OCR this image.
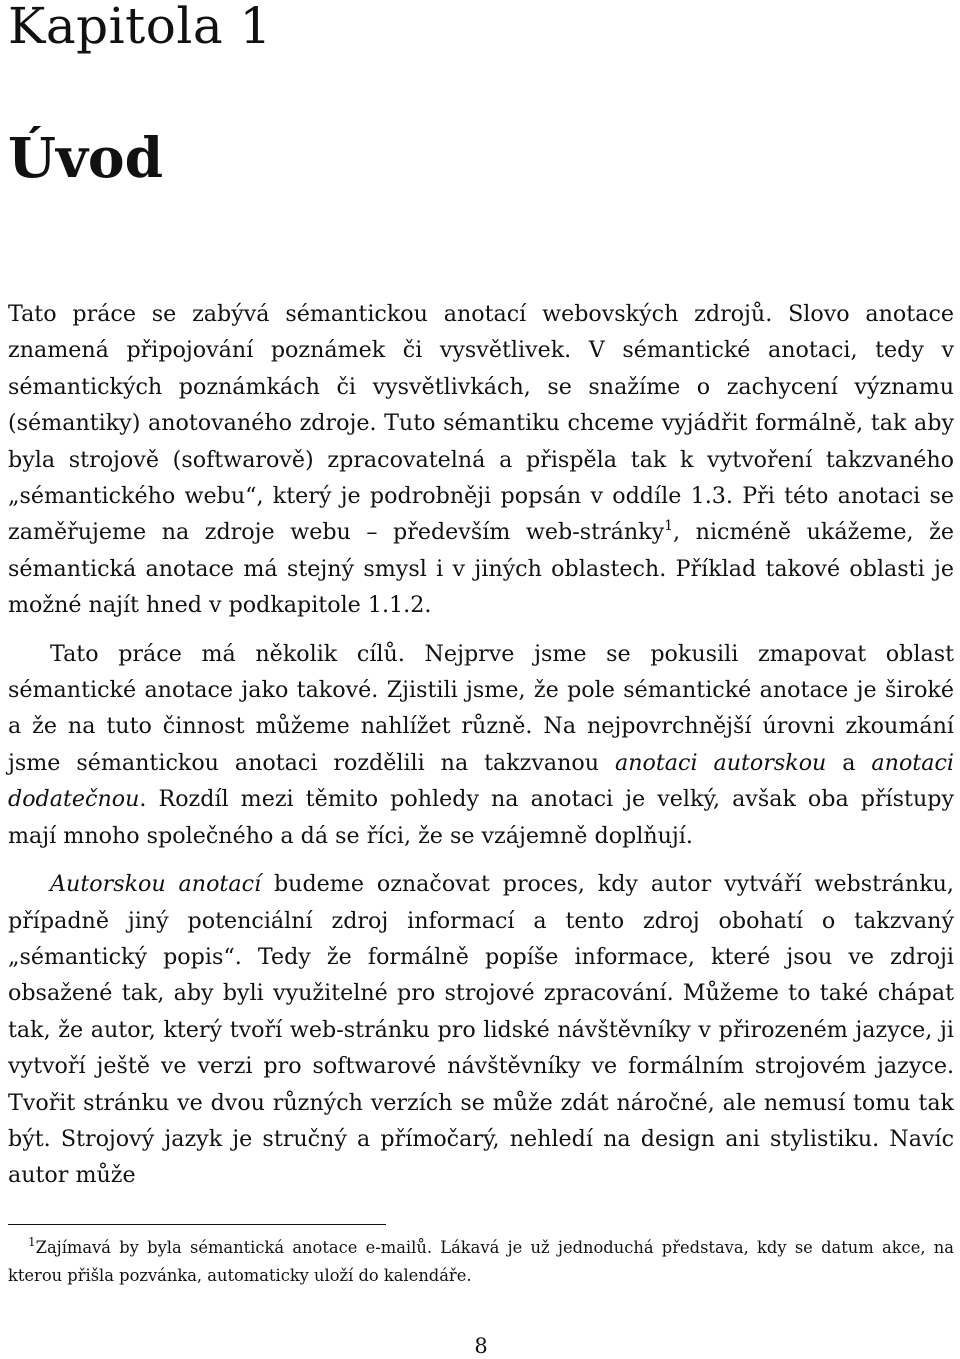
Kapitola 1
Úvod

Tato práce se zabývá sémantickou anotací webovských zdrojů. Slovo anotace znamená připojování poznámek či vysvětlivek. V sémantické anotaci, tedy v sémantických poznámkách či vysvětlivkách, se snažíme o zachycení významu (sémantiky) anotovaného zdroje. Tuto sémantiku chceme vyjádřit formálně, tak aby byla strojově (softwarově) zpracovatelná a přispěla tak k vytvoření takzvaného „sémantického webu“, který je podrobněji popsán v oddíle 1.3. Při této anotaci se zaměřujeme na zdroje webu – především web-stránky$^1$, nicméně ukážeme, že sémantická anotace má stejný smysl i v jiných oblastech. Příklad takové oblasti je možné najít hned v podkapitole 1.1.2.

Tato práce má několik cílů. Nejprve jsme se pokusili zmapovat oblast sémantické anotace jako takové. Zjistili jsme, že pole sémantické anotace je široké a že na tuto činnost můžeme nahlížet různě. Na nejpovrchnější úrovni zkoumání jsme sémantickou anotaci rozdělili na takzvanou anotaci autorskou a anotaci dodatečnou. Rozdíl mezi těmito pohledy na anotaci je velký, avšak oba přístupy mají mnoho společného a dá se říci, že se vzájemně doplňují.

Autorskou anotací budeme označovat proces, kdy autor vytváří webstránku, případně jiný potenciální zdroj informací a tento zdroj obohatí o takzvaný „sémantický popis“. Tedy že formálně popíše informace, které jsou ve zdroji obsažené tak, aby byli využitelné pro strojové zpracování. Můžeme to také chápat tak, že autor, který tvoří web-stránku pro lidské návštěvníky v přirozeném jazyce, ji vytvoří ještě ve verzi pro softwarové návštěvníky ve formálním strojovém jazyce. Tvořit stránku ve dvou různých verzích se může zdát náročné, ale nemusí tomu tak být. Strojový jazyk je stručný a přímočarý, nehledí na design ani stylistiku. Navíc autor může

$^1$Zajímavá by byla sémantická anotace e-mailů. Lákavá je už jednoduchá představa, kdy se datum akce, na kterou přišla pozvánka, automaticky uloží do kalendáře.
8
